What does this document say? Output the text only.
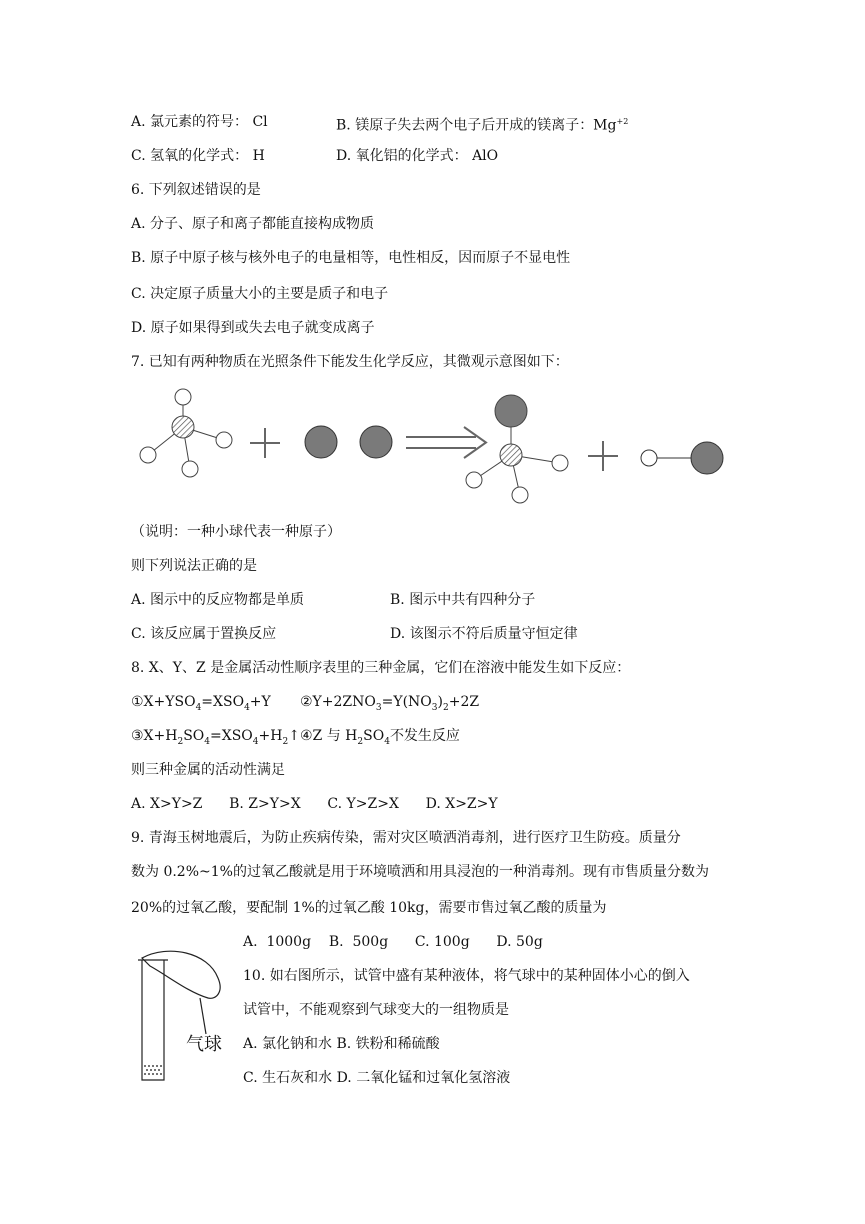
A. 氯元素的符号： Cl	B. 镁原子失去两个电子后开成的镁离子：$Mg^{+2}$
C. 氢氧的化学式： H	D. 氧化铝的化学式： AlO
6. 下列叙述错误的是
A. 分子、原子和离子都能直接构成物质
B. 原子中原子核与核外电子的电量相等，电性相反，因而原子不显电性
C. 决定原子质量大小的主要是质子和电子
D. 原子如果得到或失去电子就变成离子
7. 已知有两种物质在光照条件下能发生化学反应，其微观示意图如下：
（说明：一种小球代表一种原子）
则下列说法正确的是
A. 图示中的反应物都是单质	B. 图示中共有四种分子
C. 该反应属于置换反应	D. 该图示不符后质量守恒定律
8. X、Y、Z 是金属活动性顺序表里的三种金属，它们在溶液中能发生如下反应：
$①X+YSO_4=XSO_4+Y$ $②Y+2ZNO_3=Y(NO_3)_2+2Z$
$③X+H_2SO_4=XSO_4+H_2↑$ ④Z 与 $H_2SO_4$不发生反应
则三种金属的活动性满足
A. X>Y>Z      B. Z>Y>X      C. Y>Z>X      D. X>Z>Y
9. 青海玉树地震后，为防止疾病传染，需对灾区喷洒消毒剂，进行医疗卫生防疫。质量分
数为 0.2%~1%的过氧乙酸就是用于环境喷洒和用具浸泡的一种消毒剂。现有市售质量分数为
20%的过氧乙酸，要配制 1%的过氧乙酸 10kg，需要市售过氧乙酸的质量为
A.  1000g    B.  500g      C. 100g      D. 50g
气球
10. 如右图所示，试管中盛有某种液体，将气球中的某种固体小心的倒入
试管中，不能观察到气球变大的一组物质是
A. 氯化钠和水 B. 铁粉和稀硫酸
C. 生石灰和水 D. 二氧化锰和过氧化氢溶液
